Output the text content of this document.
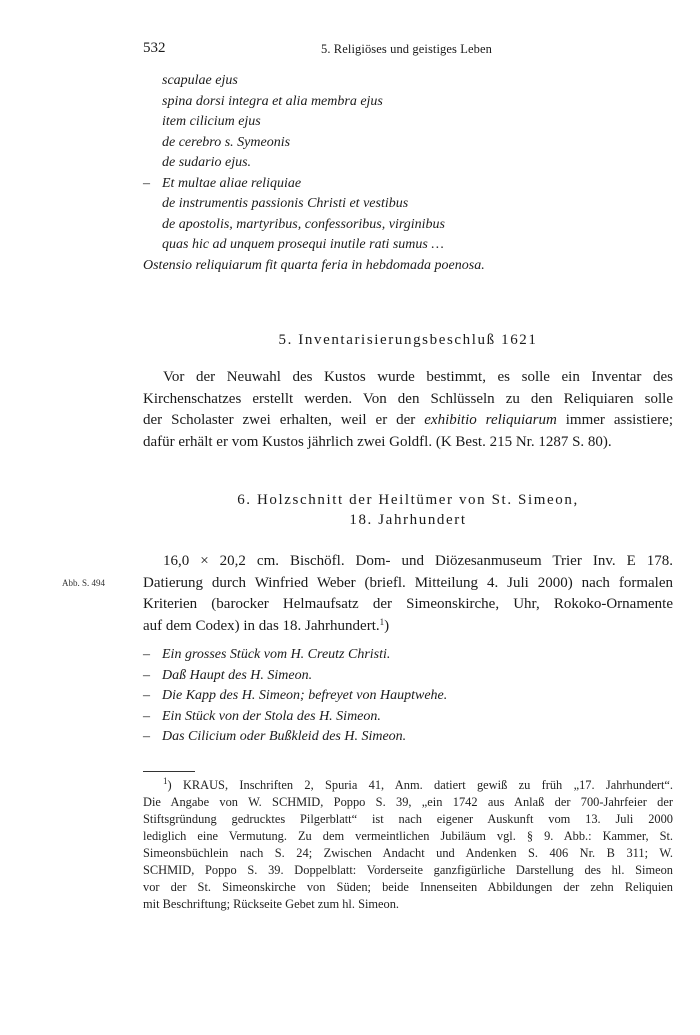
532	5. Religiöses und geistiges Leben
scapulae ejus
spina dorsi integra et alia membra ejus
item cilicium ejus
de cerebro s. Symeonis
de sudario ejus.
– Et multae aliae reliquiae
de instrumentis passionis Christi et vestibus
de apostolis, martyribus, confessoribus, virginibus
quas hic ad unquem prosequi inutile rati sumus …
Ostensio reliquiarum fit quarta feria in hebdomada poenosa.
5. Inventarisierungsbeschluß 1621
Vor der Neuwahl des Kustos wurde bestimmt, es solle ein Inventar des
Kirchenschatzes erstellt werden. Von den Schlüsseln zu den Reliquiaren solle
der Scholaster zwei erhalten, weil er der exhibitio reliquiarum immer assistiere;
dafür erhält er vom Kustos jährlich zwei Goldfl. (K Best. 215 Nr. 1287 S. 80).
6. Holzschnitt der Heiltümer von St. Simeon,
18. Jahrhundert
Abb. S. 494
16,0 × 20,2 cm. Bischöfl. Dom- und Diözesanmuseum Trier Inv. E 178.
Datierung durch Winfried Weber (briefl. Mitteilung 4. Juli 2000) nach formalen
Kriterien (barocker Helmaufsatz der Simeonskirche, Uhr, Rokoko-Ornamente
auf dem Codex) in das 18. Jahrhundert.$^1$)
– Ein grosses Stück vom H. Creutz Christi.
– Daß Haupt des H. Simeon.
– Die Kapp des H. Simeon; befreyet von Hauptwehe.
– Ein Stück von der Stola des H. Simeon.
– Das Cilicium oder Bußkleid des H. Simeon.
$^1$) KRAUS, Inschriften 2, Spuria 41, Anm. datiert gewiß zu früh „17. Jahrhundert“.
Die Angabe von W. SCHMID, Poppo S. 39, „ein 1742 aus Anlaß der 700-Jahrfeier der
Stiftsgründung gedrucktes Pilgerblatt“ ist nach eigener Auskunft vom 13. Juli 2000
lediglich eine Vermutung. Zu dem vermeintlichen Jubiläum vgl. § 9. Abb.: Kammer, St.
Simeonsbüchlein nach S. 24; Zwischen Andacht und Andenken S. 406 Nr. B 311; W.
SCHMID, Poppo S. 39. Doppelblatt: Vorderseite ganzfigürliche Darstellung des hl. Simeon
vor der St. Simeonskirche von Süden; beide Innenseiten Abbildungen der zehn Reliquien
mit Beschriftung; Rückseite Gebet zum hl. Simeon.
